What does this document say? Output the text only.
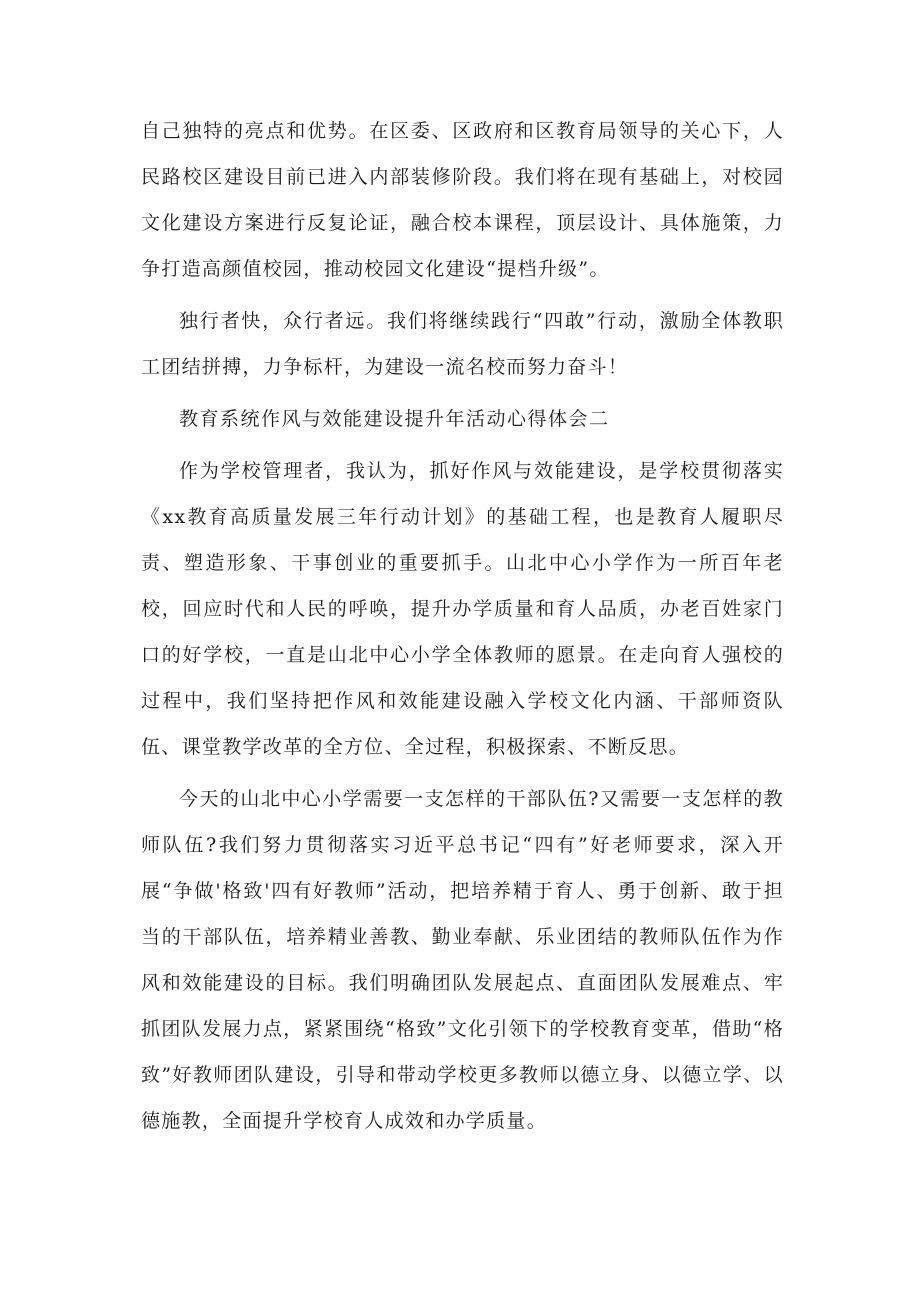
自己独特的亮点和优势。在区委、区政府和区教育局领导的关心下，人民路校区建设目前已进入内部装修阶段。我们将在现有基础上，对校园文化建设方案进行反复论证，融合校本课程，顶层设计、具体施策，力争打造高颜值校园，推动校园文化建设“提档升级”。

独行者快，众行者远。我们将继续践行“四敢”行动，激励全体教职工团结拼搏，力争标杆，为建设一流名校而努力奋斗！

教育系统作风与效能建设提升年活动心得体会二

作为学校管理者，我认为，抓好作风与效能建设，是学校贯彻落实《xx教育高质量发展三年行动计划》的基础工程，也是教育人履职尽责、塑造形象、干事创业的重要抓手。山北中心小学作为一所百年老校，回应时代和人民的呼唤，提升办学质量和育人品质，办老百姓家门口的好学校，一直是山北中心小学全体教师的愿景。在走向育人强校的过程中，我们坚持把作风和效能建设融入学校文化内涵、干部师资队伍、课堂教学改革的全方位、全过程，积极探索、不断反思。

今天的山北中心小学需要一支怎样的干部队伍?又需要一支怎样的教师队伍?我们努力贯彻落实习近平总书记“四有”好老师要求，深入开展“争做'格致'四有好教师”活动，把培养精于育人、勇于创新、敢于担当的干部队伍，培养精业善教、勤业奉献、乐业团结的教师队伍作为作风和效能建设的目标。我们明确团队发展起点、直面团队发展难点、牢抓团队发展力点，紧紧围绕“格致”文化引领下的学校教育变革，借助“格致”好教师团队建设，引导和带动学校更多教师以德立身、以德立学、以德施教，全面提升学校育人成效和办学质量。
